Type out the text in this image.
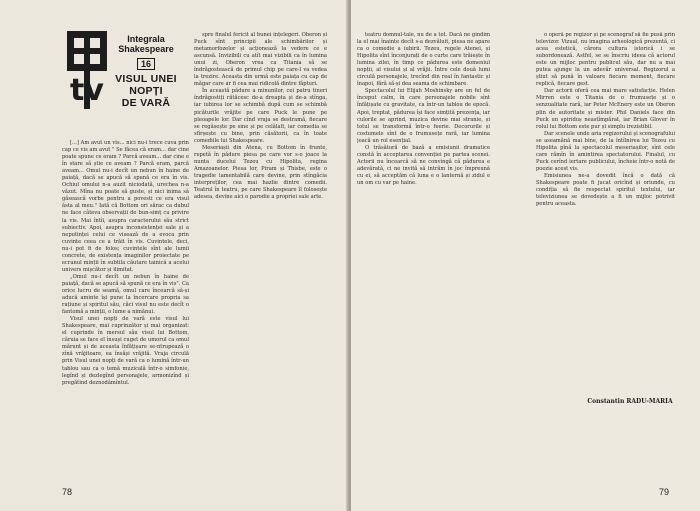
tv
Integrala
Shakespeare
16
VISUL UNEI
NOPȚI
DE VARĂ

[...] Am avut un vis... nici nu-i trece cuva prin cap ce vis am avut " Se făcea că eram... dar cine poate spune ce eram ? Parcă aveam... dar cine e în stare să știe ce aveam ? Parcă eram, parcă aveam... Omul nu-i decît un nebun în haine de paiață, dacă se apucă să spună ce era în vis. Ochiul omului n-a auzit niciodată, urechea n-a văzut. Mîna nu poate să guste, și nici inima să găsească vorbe pentru a povesti ce era visul ăsta al meu." Iată că Bottom ori sărac ca dubul ne face câteva observații de bun-simț cu privire la vis. Mai întîi, asupra caracterului său strict subiectiv. Apoi, asupra inconsistenței sale și a neputinței celui ce visează de a evoca prin cuvinte ceea ce a trăit în vis. Cuvintele, deci, nu-i pot fi de folos; cuvintele sînt ale lumii concrete, de existența imaginilor proiectate pe ecranul minții în subtila căutare tainică a acelui univers mișcător și ilimitat.

„Omul nu-i decît un nebun în haine de paiață, dacă se apucă să spună ce era în vis". Ca orice lucru de seamă, omul care încearcă să-și aducă aminte își pune la încercare propria sa rațiune și spiritul său, căci visul nu este decît o fantomă a minții, o lume a nimănui.

Visul unei nopți de vară este visul lui Shakespeare, mai cuprinzător și mai organizat: el cuprinde în mersul său visul lui Bottom, căruia se face el însuși cuget de umorul ca omul mărunt și de aceasta înfățișare se-ntrupează o zînă vrăjitoare, ea însăși vrăjită. Vraja circulă prin Visul unei nopți de vară ca o lumină într-un tablou sau ca o temă muzicală într-o simfonie, legînd și dezlegînd personajele, armonizînd și pregătind deznodămîntul.

spre finalul fericit al bunei înțelegeri. Oberon și Puck sînt principii ale schimbărilor și metamorfozelor și acționează la vedere ce e ascunsă. Invizibili cu atît mai vizibili ca în lumina unui zi, Oberon vrea ca Titania să se îndrăgostească de primul chip pe care-l va vedea la trezire. Aceasta din urmă este paiața cu cap de măgar care ar fi cea mai ridicolă dintre făpturi.

În această pădure a minunilor, cei patru tineri îndrăgostiți rătăcesc de-a dreapta și de-a stînga, iar iubirea lor se schimbă după cum se schimbă picăturile vrăjite pe care Puck le pune pe pleoapele lor. Dar cînd vraja se destramă, fiecare se regăsește pe sine și pe celălalt, iar comedia se sfîrșește cu bine, prin căsătorii, ca în toate comediile lui Shakespeare.

Meseriașii din Atena, cu Bottom în frunte, repetă în pădure piesa pe care vor s-o joace la nunta ducelui Tezeu cu Hipolita, regina Amazoanelor. Piesa lor, Piram și Thisbe, este o tragedie lamentabilă care devine, prin stîngăcia interpreților, cea mai hazlie dintre comedii. Teatrul în teatru, pe care Shakespeare îl folosește adesea, devine aici o parodie a propriei sale arte.

78

teatru domnul-tale, nu de a tot. Dacă ne gîndim la el mai înainte decît s-a dezvăluit, piesa ne apare ca o comedie a iubirii. Tezeu, regele Atenei, și Hipolita sînt înconjurați de o curte care trăiește în lumina zilei, în timp ce pădurea este domeniul nopții, al visului și al vrăjii. Între cele două lumi circulă personajele, trecînd din real în fantastic și înapoi, fără să-și dea seama de schimbare.

Spectacolul lui Elijah Moshinsky are un fel de început calm, în care personajele nobile sînt înfățișate cu gravitate, ca într-un tablou de epocă. Apoi, treptat, pădurea își face simțită prezența, iar culorile se aprind, muzica devine mai stranie, și totul se transformă într-o feerie. Decorurile și costumele sînt de o frumusețe rară, iar lumina joacă un rol esențial.

O trăsătură de bază a emisiunii dramatice constă în acceptarea convenției pe partea scenei. Actorii nu încearcă să ne convingă că pădurea e adevărată, ci ne invită să intrăm în joc împreună cu ei, să acceptăm că luna e o lanternă și zidul e un om cu var pe haine.

o operă pe regizor și pe scenograf să fie pusă prin televizor. Vizual, nu imagina arheologică prezentă, ci acea estetică, cărora cultura istorică i se subordonează. Astfel, se se înscriu ideea că actorul este un mijloc pentru publicul său, dar nu a mai putea ajunge la un adevăr universal. Regizorul a știut să pună în valoare fiecare moment, fiecare replică, fiecare gest.

Dar actorii oferă cea mai mare satisfacție. Helen Mirren este o Titania de o frumusețe și o senzualitate rară, iar Peter McEnery este un Oberon plin de autoritate și mister. Phil Daniels face din Puck un spiriduș neastîmpărat, iar Brian Glover în rolul lui Bottom este pur și simplu irezistibil.

Dar scenele unde aria regizorului și scenografului se aseamănă mai bine, de la întîlnirea lui Tezeu cu Hipolita pînă la spectacolul meseriașilor, sînt cele care rămîn în amintirea spectatorului. Finalul, cu Puck cerînd iertare publicului, încheie într-o notă de poezie acest vis.

Emisiunea ne-a dovedit încă o dată că Shakespeare poate fi jucat oricînd și oriunde, cu condiția să fie respectat spiritul textului, iar televiziunea se dovedește a fi un mijloc potrivit pentru aceasta.

79
Constantin RADU-MARIA
